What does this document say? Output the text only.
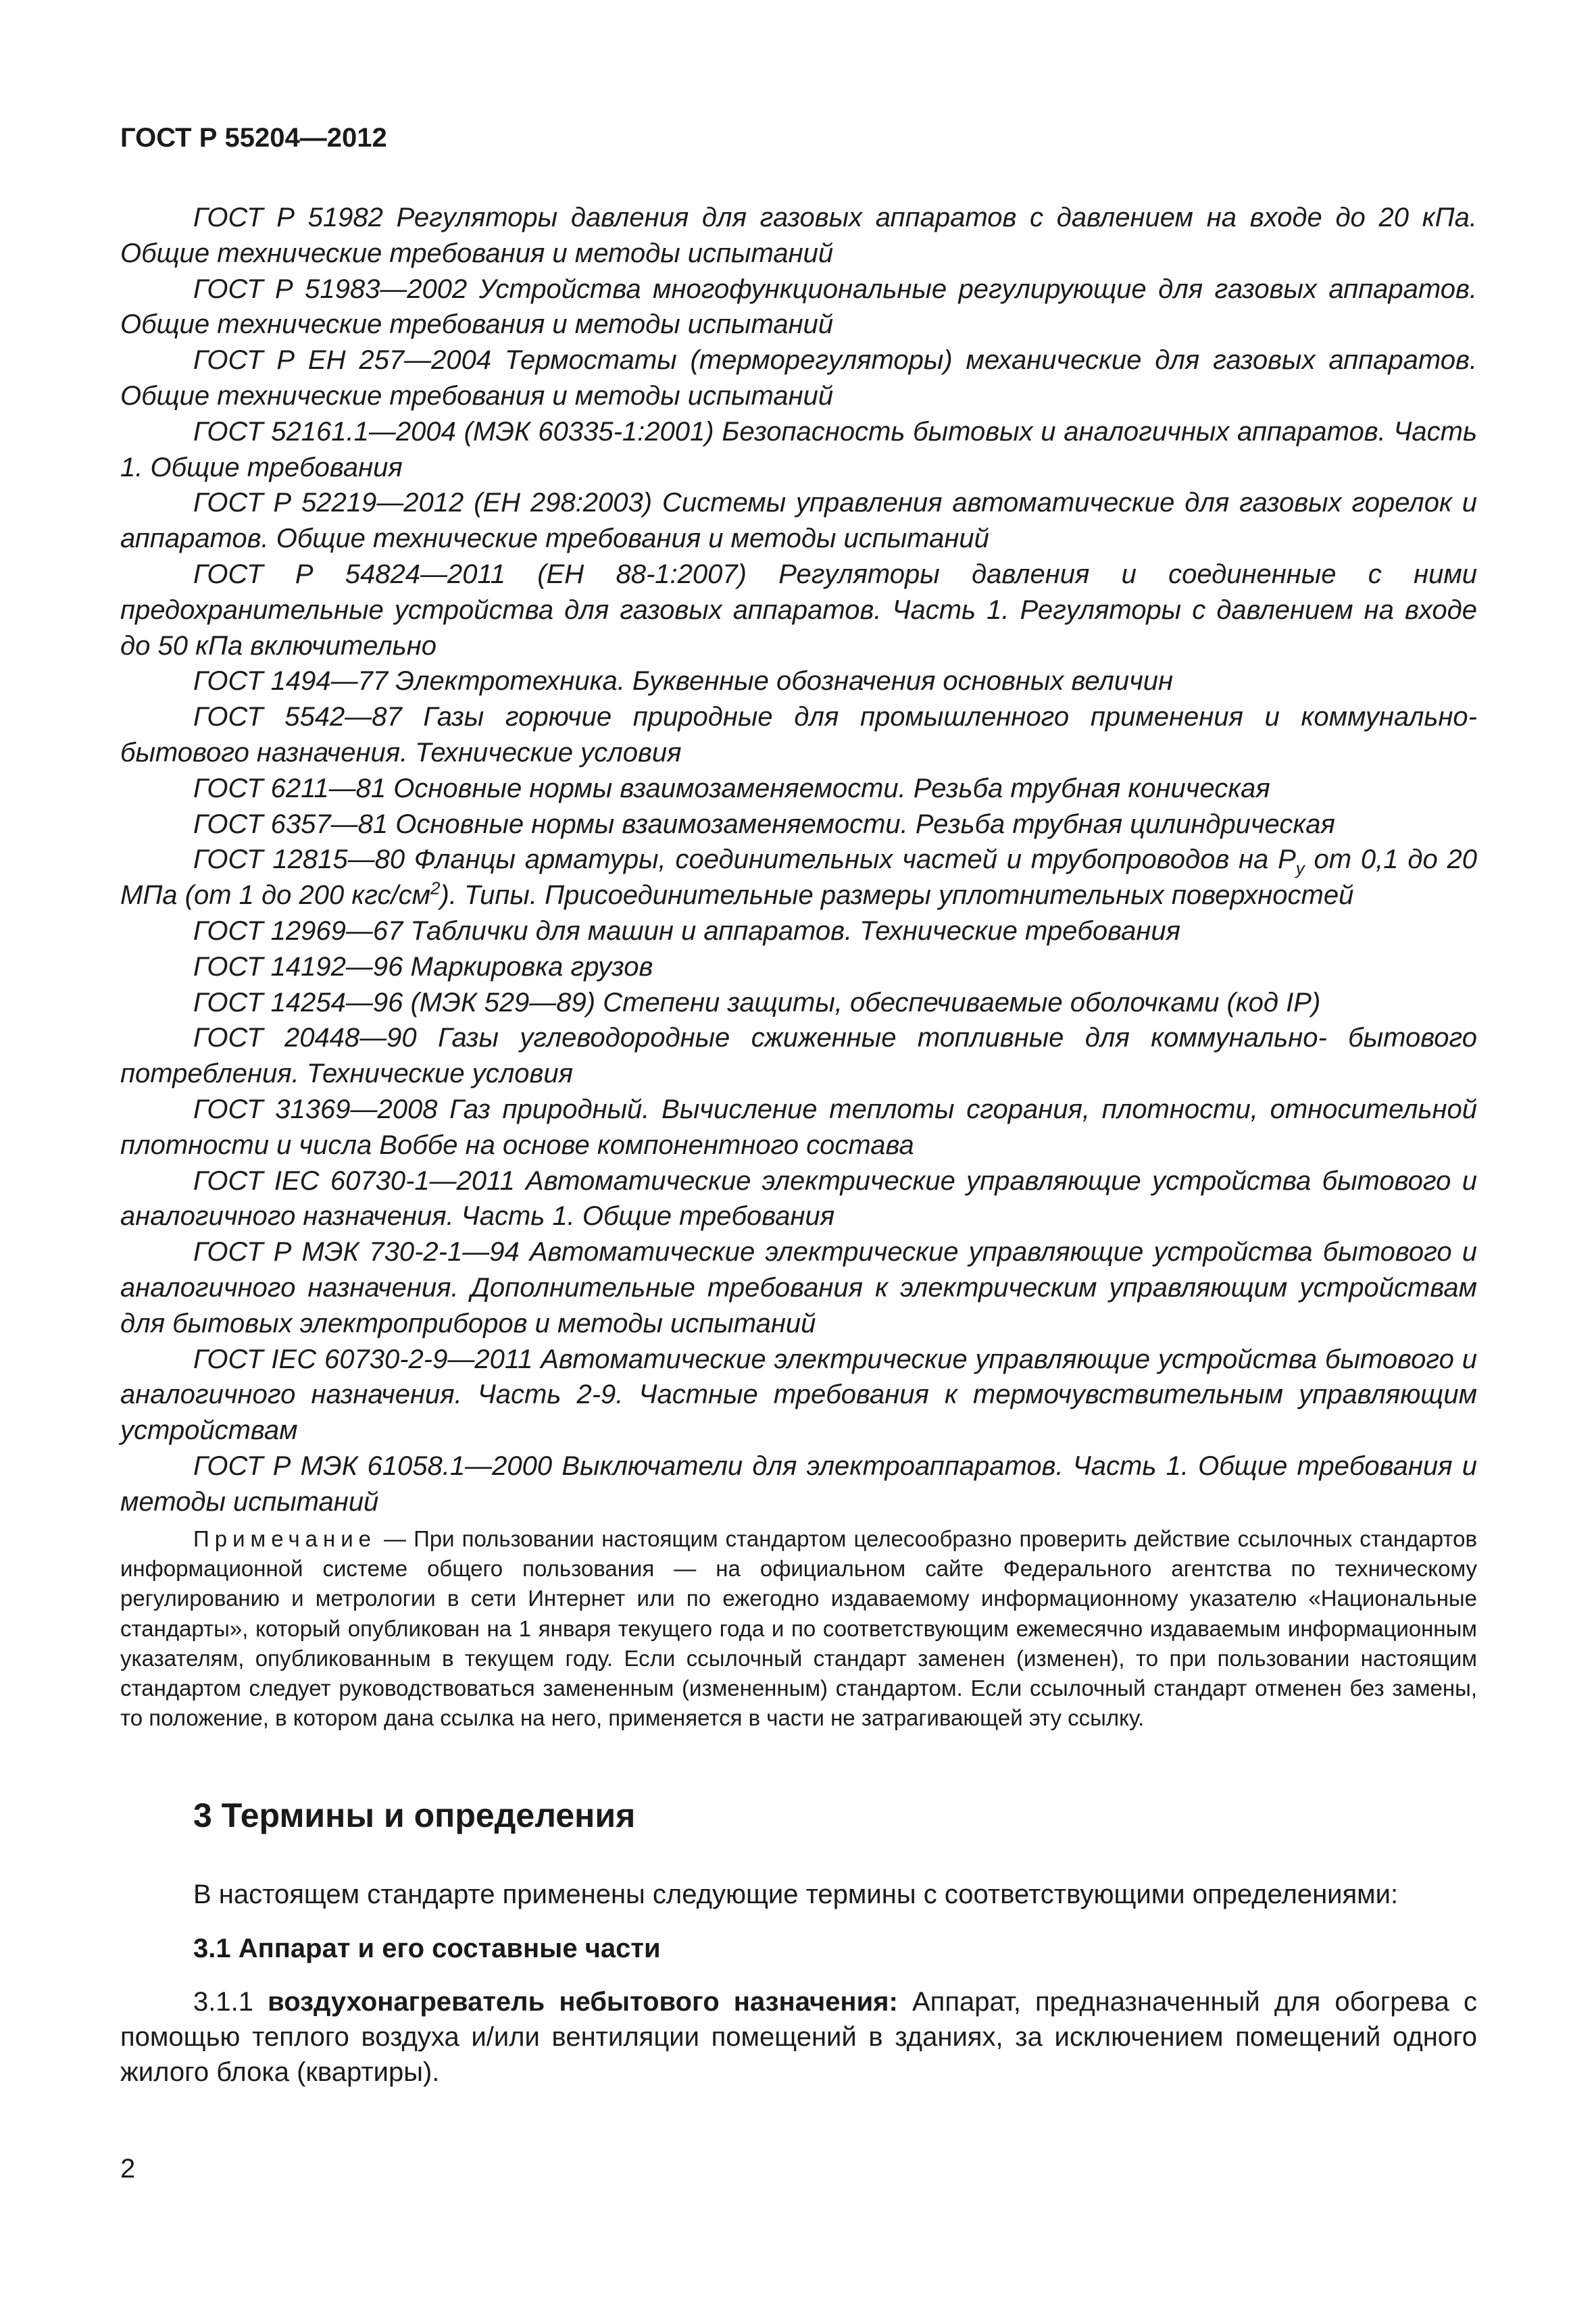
ГОСТ Р 55204—2012

ГОСТ Р 51982 Регуляторы давления для газовых аппаратов с давлением на входе до 20 кПа. Общие технические требования и методы испытаний

ГОСТ Р 51983—2002 Устройства многофункциональные регулирующие для газовых аппаратов. Общие технические требования и методы испытаний

ГОСТ Р ЕН 257—2004 Термостаты (терморегуляторы) механические для газовых аппаратов. Общие технические требования и методы испытаний

ГОСТ 52161.1—2004 (МЭК 60335-1:2001) Безопасность бытовых и аналогичных аппаратов. Часть 1. Общие требования

ГОСТ Р 52219—2012 (ЕН 298:2003) Системы управления автоматические для газовых горелок и аппаратов. Общие технические требования и методы испытаний

ГОСТ Р 54824—2011 (ЕН 88-1:2007) Регуляторы давления и соединенные с ними предохранительные устройства для газовых аппаратов. Часть 1. Регуляторы с давлением на входе до 50 кПа включительно

ГОСТ 1494—77 Электротехника. Буквенные обозначения основных величин

ГОСТ 5542—87 Газы горючие природные для промышленного применения и коммунально-бытового назначения. Технические условия

ГОСТ 6211—81 Основные нормы взаимозаменяемости. Резьба трубная коническая

ГОСТ 6357—81 Основные нормы взаимозаменяемости. Резьба трубная цилиндрическая

ГОСТ 12815—80 Фланцы арматуры, соединительных частей и трубопроводов на $P_y$ от 0,1 до 20 МПа (от 1 до 200 кгс/$см^2$). Типы. Присоединительные размеры уплотнительных поверхностей

ГОСТ 12969—67 Таблички для машин и аппаратов. Технические требования

ГОСТ 14192—96 Маркировка грузов

ГОСТ 14254—96 (МЭК 529—89) Степени защиты, обеспечиваемые оболочками (код IP)

ГОСТ 20448—90 Газы углеводородные сжиженные топливные для коммунально- бытового потребления. Технические условия

ГОСТ 31369—2008 Газ природный. Вычисление теплоты сгорания, плотности, относительной плотности и числа Воббе на основе компонентного состава

ГОСТ IEC 60730-1—2011 Автоматические электрические управляющие устройства бытового и аналогичного назначения. Часть 1. Общие требования

ГОСТ Р МЭК 730-2-1—94 Автоматические электрические управляющие устройства бытового и аналогичного назначения. Дополнительные требования к электрическим управляющим устройствам для бытовых электроприборов и методы испытаний

ГОСТ IEC 60730-2-9—2011 Автоматические электрические управляющие устройства бытового и аналогичного назначения. Часть 2-9. Частные требования к термочувствительным управляющим устройствам

ГОСТ Р МЭК 61058.1—2000 Выключатели для электроаппаратов. Часть 1. Общие требования и методы испытаний

Примечание — При пользовании настоящим стандартом целесообразно проверить действие ссылочных стандартов информационной системе общего пользования — на официальном сайте Федерального агентства по техническому регулированию и метрологии в сети Интернет или по ежегодно издаваемому информационному указателю «Национальные стандарты», который опубликован на 1 января текущего года и по соответствующим ежемесячно издаваемым информационным указателям, опубликованным в текущем году. Если ссылочный стандарт заменен (изменен), то при пользовании настоящим стандартом следует руководствоваться замененным (измененным) стандартом. Если ссылочный стандарт отменен без замены, то положение, в котором дана ссылка на него, применяется в части не затрагивающей эту ссылку.

3 Термины и определения

В настоящем стандарте применены следующие термины с соответствующими определениями:

3.1 Аппарат и его составные части

3.1.1 воздухонагреватель небытового назначения: Аппарат, предназначенный для обогрева с помощью теплого воздуха и/или вентиляции помещений в зданиях, за исключением помещений одного жилого блока (квартиры).

2
